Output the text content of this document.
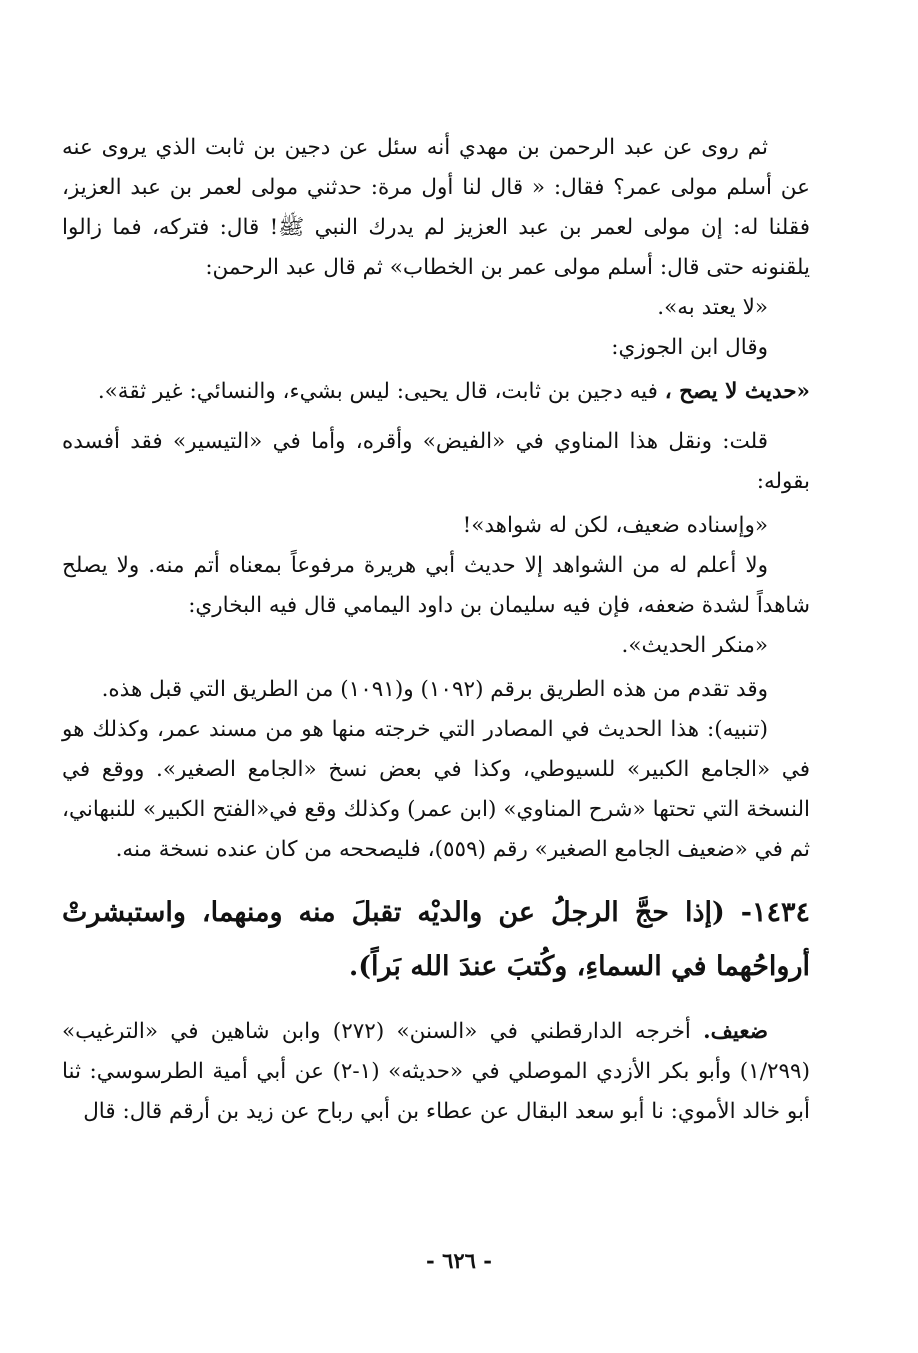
ثم روى عن عبد الرحمن بن مهدي أنه سئل عن دجين بن ثابت الذي يروى عنه عن أسلم مولى عمر؟ فقال: « قال لنا أول مرة: حدثني مولى لعمر بن عبد العزيز، فقلنا له: إن مولى لعمر بن عبد العزيز لم يدرك النبي ﷺ! قال: فتركه، فما زالوا يلقنونه حتى قال: أسلم مولى عمر بن الخطاب» ثم قال عبد الرحمن:

«لا يعتد به».

وقال ابن الجوزي:

«حديث لا يصح ، فيه دجين بن ثابت، قال يحيى: ليس بشيء، والنسائي: غير ثقة».

قلت: ونقل هذا المناوي في «الفيض» وأقره، وأما في «التيسير» فقد أفسده بقوله:

«وإسناده ضعيف، لكن له شواهد»!

ولا أعلم له من الشواهد إلا حديث أبي هريرة مرفوعاً بمعناه أتم منه. ولا يصلح شاهداً لشدة ضعفه، فإن فيه سليمان بن داود اليمامي قال فيه البخاري:

«منكر الحديث».

وقد تقدم من هذه الطريق برقم (١٠٩٢) و(١٠٩١) من الطريق التي قبل هذه.

(تنبيه): هذا الحديث في المصادر التي خرجته منها هو من مسند عمر، وكذلك هو في «الجامع الكبير» للسيوطي، وكذا في بعض نسخ «الجامع الصغير». ووقع في النسخة التي تحتها «شرح المناوي» (ابن عمر) وكذلك وقع في«الفتح الكبير» للنبهاني، ثم في «ضعيف الجامع الصغير» رقم (٥٥٩)، فليصححه من كان عنده نسخة منه.

١٤٣٤- (إذا حجَّ الرجلُ عن والديْه تقبلَ منه ومنهما، واستبشرتْ أرواحُهما في السماءِ، وكُتبَ عندَ الله بَراً).

ضعيف. أخرجه الدارقطني في «السنن» (٢٧٢) وابن شاهين في «الترغيب» (١/٢٩٩) وأبو بكر الأزدي الموصلي في «حديثه» (١-٢) عن أبي أمية الطرسوسي: ثنا أبو خالد الأموي: نا أبو سعد البقال عن عطاء بن أبي رباح عن زيد بن أرقم قال: قال

- ٦٢٦ -
